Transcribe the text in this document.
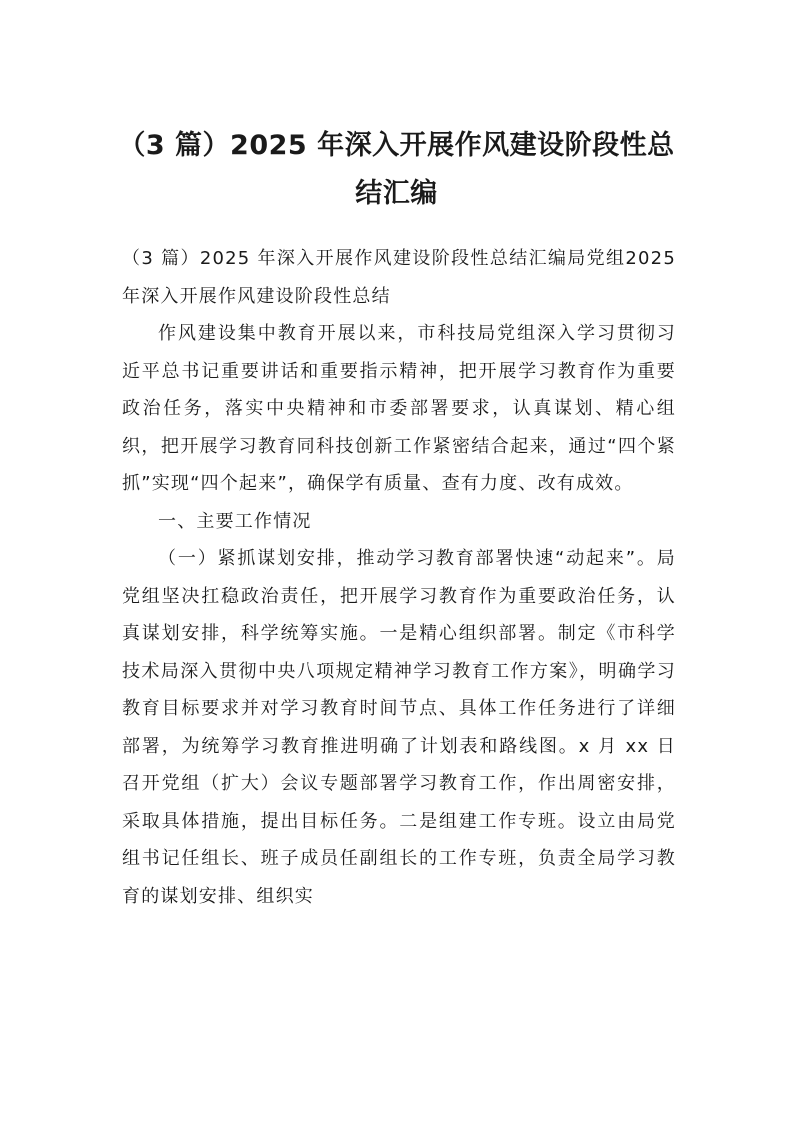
（3 篇）2025 年深入开展作风建设阶段性总结汇编

（3 篇）2025 年深入开展作风建设阶段性总结汇编局党组2025 年深入开展作风建设阶段性总结

作风建设集中教育开展以来，市科技局党组深入学习贯彻习近平总书记重要讲话和重要指示精神，把开展学习教育作为重要政治任务，落实中央精神和市委部署要求，认真谋划、精心组织，把开展学习教育同科技创新工作紧密结合起来，通过“四个紧抓”实现“四个起来”，确保学有质量、查有力度、改有成效。

一、主要工作情况

（一）紧抓谋划安排，推动学习教育部署快速“动起来”。局党组坚决扛稳政治责任，把开展学习教育作为重要政治任务，认真谋划安排，科学统筹实施。一是精心组织部署。制定《市科学技术局深入贯彻中央八项规定精神学习教育工作方案》，明确学习教育目标要求并对学习教育时间节点、具体工作任务进行了详细部署，为统筹学习教育推进明确了计划表和路线图。x 月 xx 日召开党组（扩大）会议专题部署学习教育工作，作出周密安排，采取具体措施，提出目标任务。二是组建工作专班。设立由局党组书记任组长、班子成员任副组长的工作专班，负责全局学习教育的谋划安排、组织实
